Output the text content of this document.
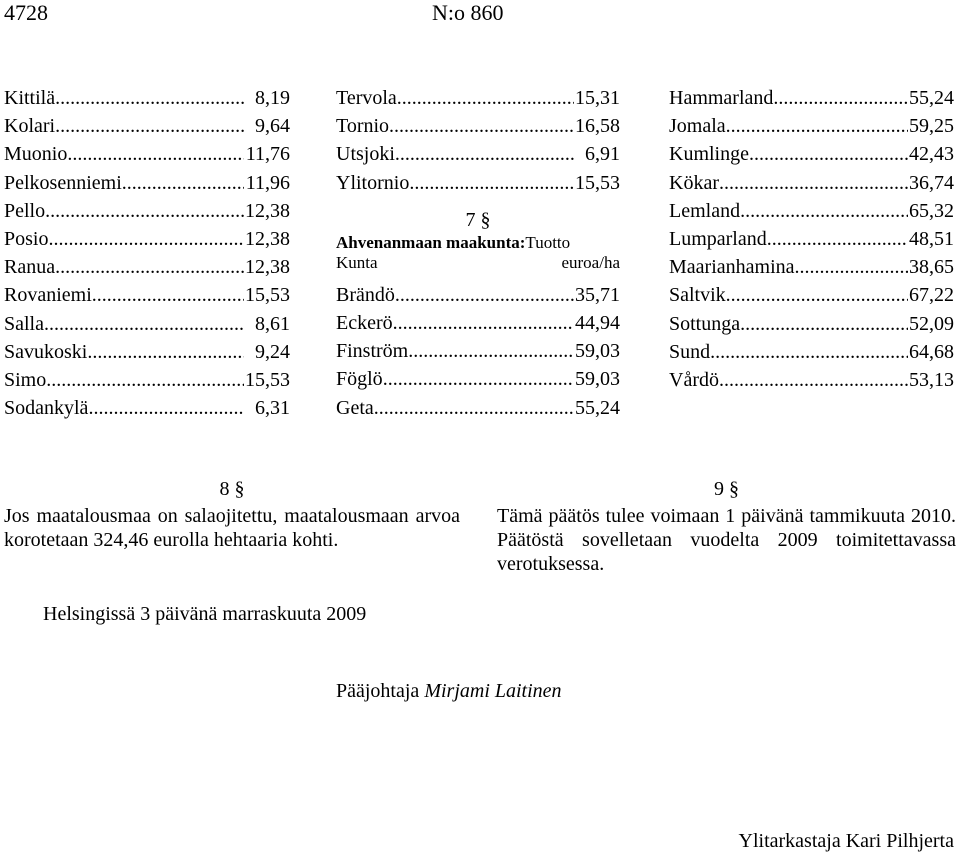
4728	N:o 860
Kittilä .....	8,19
Kolari .....	9,64
Muonio .....	11,76
Pelkosenniemi .....	11,96
Pello .....	12,38
Posio .....	12,38
Ranua .....	12,38
Rovaniemi .....	15,53
Salla .....	8,61
Savukoski .....	9,24
Simo .....	15,53
Sodankylä .....	6,31
Tervola .....	15,31
Tornio .....	16,58
Utsjoki .....	6,91
Ylitornio .....	15,53
7 §
Ahvenanmaan maakunta: Tuotto
Kunta	euroa/ha
Brändö .....	35,71
Eckerö .....	44,94
Finström .....	59,03
Föglö .....	59,03
Geta .....	55,24
Hammarland .....	55,24
Jomala .....	59,25
Kumlinge .....	42,43
Kökar .....	36,74
Lemland .....	65,32
Lumparland .....	48,51
Maarianhamina .....	38,65
Saltvik .....	67,22
Sottunga .....	52,09
Sund .....	64,68
Vårdö .....	53,13
8 §
Jos maatalousmaa on salaojitettu, maatalousmaan arvoa korotetaan 324,46 eurolla hehtaaria kohti.
9 §
Tämä päätös tulee voimaan 1 päivänä tammikuuta 2010. Päätöstä sovelletaan vuodelta 2009 toimitettavassa verotuksessa.
Helsingissä 3 päivänä marraskuuta 2009
Pääjohtaja Mirjami Laitinen
Ylitarkastaja Kari Pilhjerta
